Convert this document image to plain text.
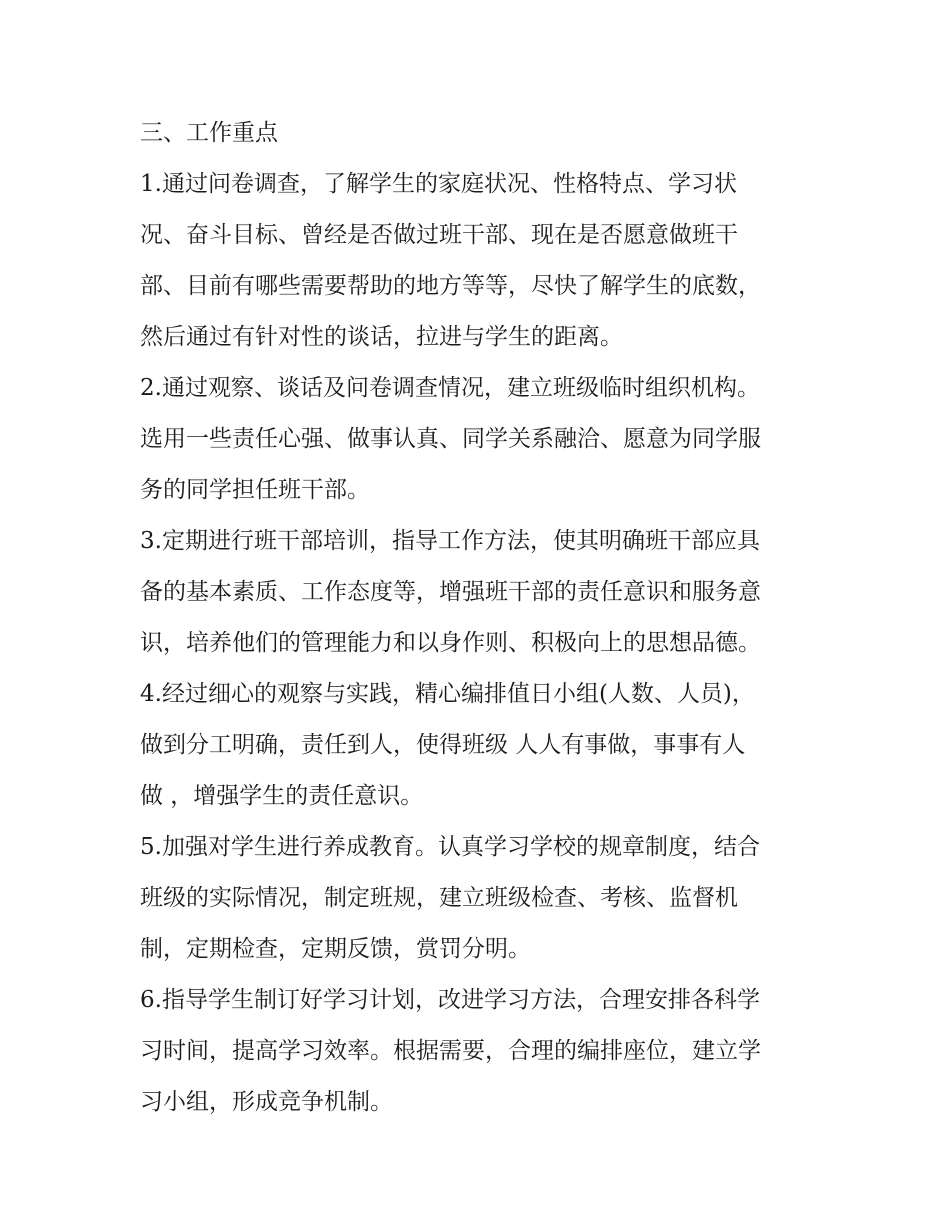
三、工作重点
1.通过问卷调查，了解学生的家庭状况、性格特点、学习状
况、奋斗目标、曾经是否做过班干部、现在是否愿意做班干
部、目前有哪些需要帮助的地方等等，尽快了解学生的底数，
然后通过有针对性的谈话，拉进与学生的距离。
2.通过观察、谈话及问卷调查情况，建立班级临时组织机构。
选用一些责任心强、做事认真、同学关系融洽、愿意为同学服
务的同学担任班干部。
3.定期进行班干部培训，指导工作方法，使其明确班干部应具
备的基本素质、工作态度等，增强班干部的责任意识和服务意
识，培养他们的管理能力和以身作则、积极向上的思想品德。
4.经过细心的观察与实践，精心编排值日小组(人数、人员)，
做到分工明确，责任到人，使得班级 人人有事做，事事有人
做 ，增强学生的责任意识。
5.加强对学生进行养成教育。认真学习学校的规章制度，结合
班级的实际情况，制定班规，建立班级检查、考核、监督机
制，定期检查，定期反馈，赏罚分明。
6.指导学生制订好学习计划，改进学习方法，合理安排各科学
习时间，提高学习效率。根据需要，合理的编排座位，建立学
习小组，形成竞争机制。
